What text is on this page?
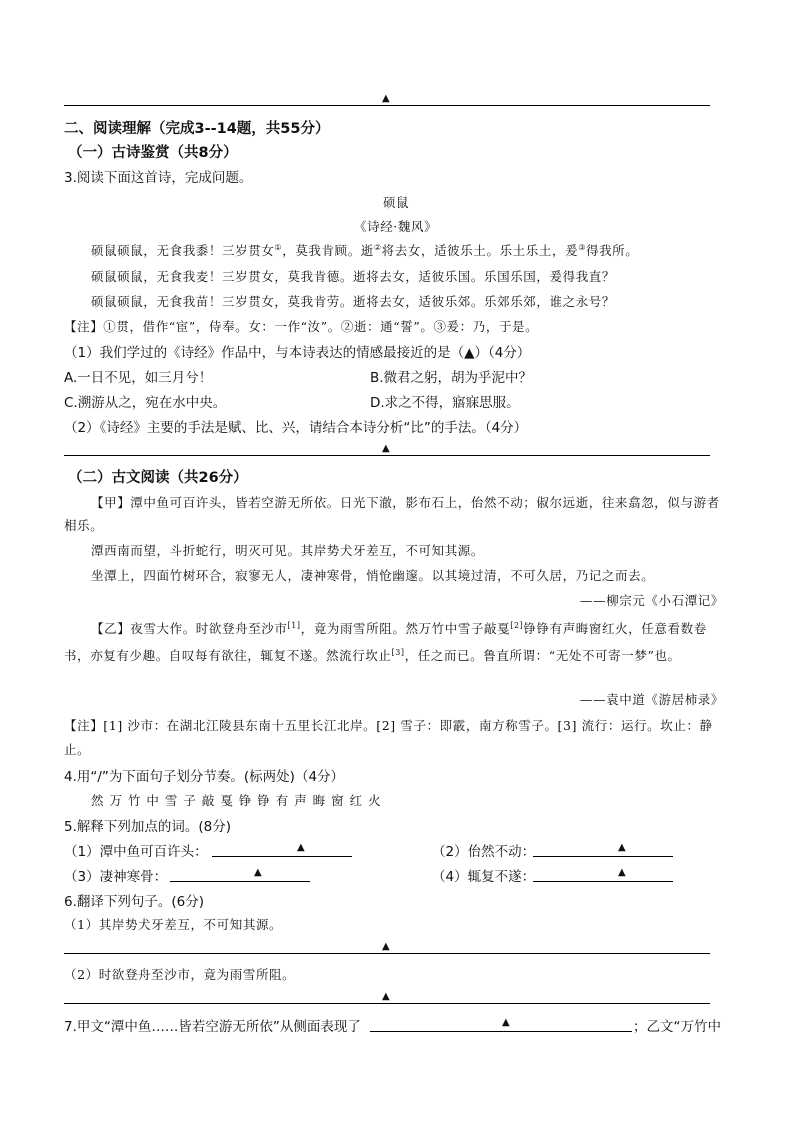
▲
二、阅读理解（完成3--14题，共55分）
（一）古诗鉴赏（共8分）
3.阅读下面这首诗，完成问题。
硕鼠
《诗经·魏风》
硕鼠硕鼠，无食我黍！三岁贯女①，莫我肯顾。逝②将去女，适彼乐土。乐土乐土，爰③得我所。
硕鼠硕鼠，无食我麦！三岁贯女，莫我肯德。逝将去女，适彼乐国。乐国乐国，爰得我直？
硕鼠硕鼠，无食我苗！三岁贯女，莫我肯劳。逝将去女，适彼乐郊。乐郊乐郊，谁之永号？
【注】①贯，借作“宦”，侍奉。女：一作“汝”。②逝：通“誓”。③爰：乃，于是。
（1）我们学过的《诗经》作品中，与本诗表达的情感最接近的是（▲）（4分）
A.一日不见，如三月兮！	B.微君之躬，胡为乎泥中？
C.溯游从之，宛在水中央。	D.求之不得，寤寐思服。
（2）《诗经》主要的手法是赋、比、兴，请结合本诗分析“比”的手法。（4分）
▲
（二）古文阅读（共26分）
【甲】潭中鱼可百许头，皆若空游无所依。日光下澈，影布石上，佁然不动；俶尔远逝，往来翕忽，似与游者相乐。
潭西南而望，斗折蛇行，明灭可见。其岸势犬牙差互，不可知其源。
坐潭上，四面竹树环合，寂寥无人，凄神寒骨，悄怆幽邃。以其境过清，不可久居，乃记之而去。
——柳宗元《小石潭记》
【乙】夜雪大作。时欲登舟至沙市[1]，竟为雨雪所阻。然万竹中雪子敲戛[2]铮铮有声晦窗红火，任意看数卷书，亦复有少趣。自叹每有欲往，辄复不遂。然流行坎止[3]，任之而已。鲁直所谓：“无处不可寄一梦”也。
——袁中道《游居柿录》
【注】[1] 沙市：在湖北江陵县东南十五里长江北岸。[2] 雪子：即霰，南方称雪子。[3] 流行：运行。坎止：静止。
4.用“/”为下面句子划分节奏。(标两处)（4分）
然 万 竹 中 雪 子 敲 戛 铮 铮 有 声 晦 窗 红 火
5.解释下列加点的词。(8分)
（1）潭中鱼可百许头：	▲	（2）佁然不动：	▲
（3）凄神寒骨：	▲	（4）辄复不遂：	▲
6.翻译下列句子。(6分)
（1）其岸势犬牙差互，不可知其源。
▲
（2）时欲登舟至沙市，竟为雨雪所阻。
▲
7.甲文“潭中鱼……皆若空游无所依”从侧面表现了	▲	；乙文“万竹中
